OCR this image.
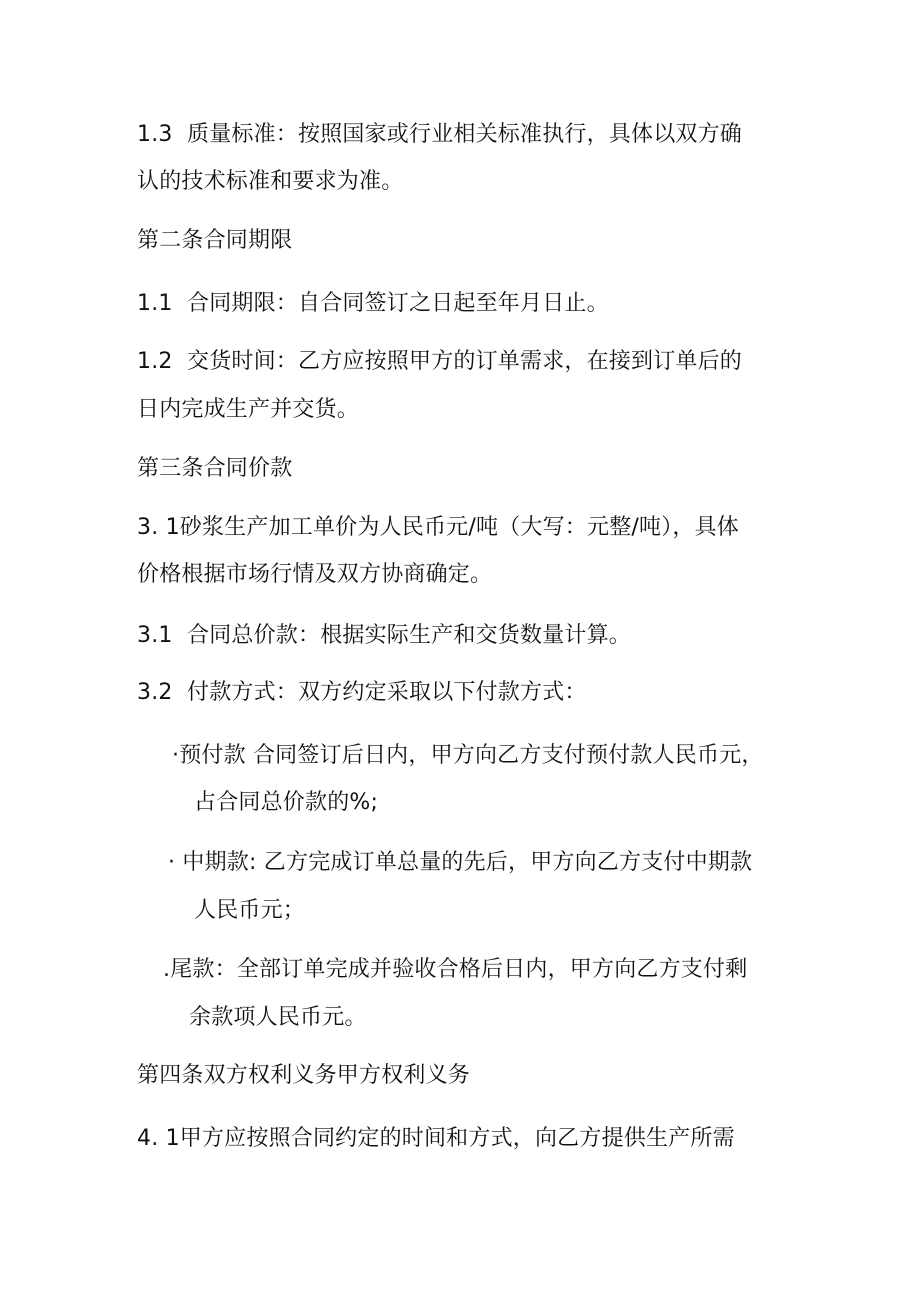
1.3 质量标准：按照国家或行业相关标准执行，具体以双方确
认的技术标准和要求为准。
第二条合同期限
1.1 合同期限：自合同签订之日起至年月日止。
1.2 交货时间：乙方应按照甲方的订单需求，在接到订单后的
日内完成生产并交货。
第三条合同价款
3. 1砂浆生产加工单价为人民币元/吨（大写：元整/吨），具体
价格根据市场行情及双方协商确定。
3.1 合同总价款：根据实际生产和交货数量计算。
3.2 付款方式：双方约定采取以下付款方式：
·预付款 合同签订后日内，甲方向乙方支付预付款人民币元，
占合同总价款的%;
· 中期款: 乙方完成订单总量的先后，甲方向乙方支付中期款
人民币元；
.尾款：全部订单完成并验收合格后日内，甲方向乙方支付剩
余款项人民币元。
第四条双方权利义务甲方权利义务
4. 1甲方应按照合同约定的时间和方式，向乙方提供生产所需
